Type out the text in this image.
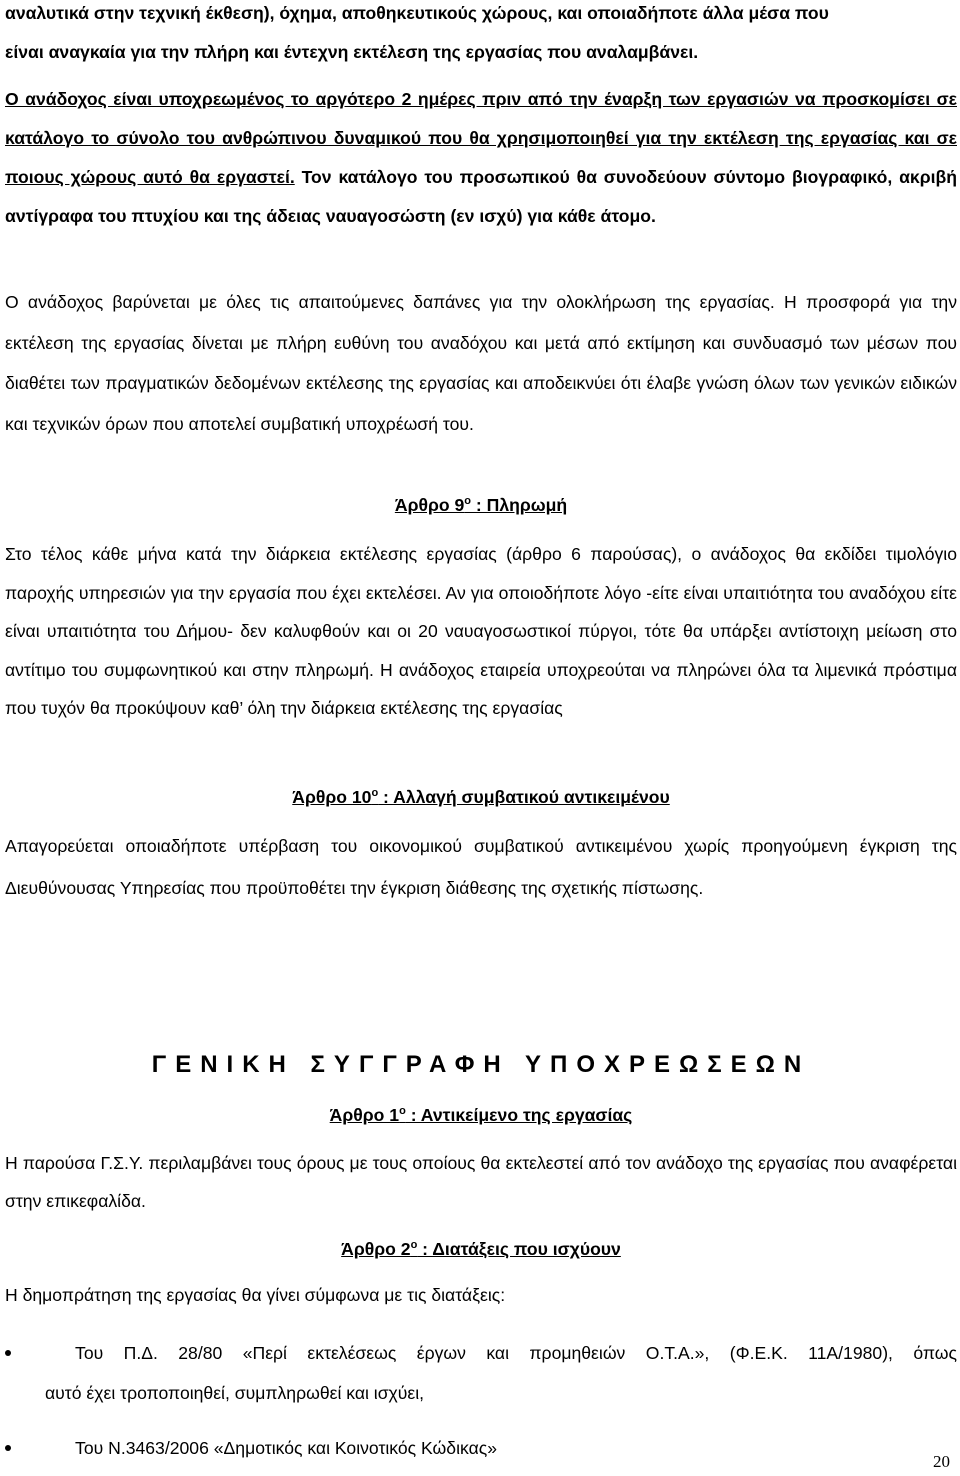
αναλυτικά στην τεχνική έκθεση), όχημα, αποθηκευτικούς χώρους, και οποιαδήποτε άλλα μέσα που

είναι αναγκαία για την πλήρη και έντεχνη εκτέλεση της εργασίας που αναλαμβάνει.

Ο ανάδοχος είναι υποχρεωμένος το αργότερο 2 ημέρες πριν από την έναρξη των εργασιών να προσκομίσει σε κατάλογο το σύνολο του ανθρώπινου δυναμικού που θα χρησιμοποιηθεί για την εκτέλεση της εργασίας και σε ποιους χώρους αυτό θα εργαστεί. Τον κατάλογο του προσωπικού θα συνοδεύουν σύντομο βιογραφικό, ακριβή αντίγραφα του πτυχίου και της άδειας ναυαγοσώστη (εν ισχύ) για κάθε άτομο.

Ο ανάδοχος βαρύνεται με όλες τις απαιτούμενες δαπάνες για την ολοκλήρωση της εργασίας. Η προσφορά για την εκτέλεση της εργασίας δίνεται με πλήρη ευθύνη του αναδόχου και μετά από εκτίμηση και συνδυασμό των μέσων που διαθέτει των πραγματικών δεδομένων εκτέλεσης της εργασίας και αποδεικνύει ότι έλαβε γνώση όλων των γενικών ειδικών και τεχνικών όρων που αποτελεί συμβατική υποχρέωσή του.

Άρθρο $9^o$ : Πληρωμή

Στο τέλος κάθε μήνα κατά την διάρκεια εκτέλεσης εργασίας (άρθρο 6 παρούσας), ο ανάδοχος θα εκδίδει τιμολόγιο παροχής υπηρεσιών για την εργασία που έχει εκτελέσει. Αν για οποιοδήποτε λόγο -είτε είναι υπαιτιότητα του αναδόχου είτε είναι υπαιτιότητα του Δήμου- δεν καλυφθούν και οι 20 ναυαγοσωστικοί πύργοι, τότε θα υπάρξει αντίστοιχη μείωση στο αντίτιμο του συμφωνητικού και στην πληρωμή. Η ανάδοχος εταιρεία υποχρεούται να πληρώνει όλα τα λιμενικά πρόστιμα που τυχόν θα προκύψουν καθ’ όλη την διάρκεια εκτέλεσης της εργασίας

Άρθρο $10^o$ : Αλλαγή συμβατικού αντικειμένου

Απαγορεύεται οποιαδήποτε υπέρβαση του οικονομικού συμβατικού αντικειμένου χωρίς προηγούμενη έγκριση της Διευθύνουσας Υπηρεσίας που προϋποθέτει την έγκριση διάθεσης της σχετικής πίστωσης.

ΓΕΝΙΚΗ ΣΥΓΓΡΑΦΗ ΥΠΟΧΡΕΩΣΕΩΝ

Άρθρο $1^o$ : Αντικείμενο της εργασίας

Η παρούσα Γ.Σ.Υ. περιλαμβάνει τους όρους με τους οποίους θα εκτελεστεί από τον ανάδοχο της εργασίας που αναφέρεται στην επικεφαλίδα.

Άρθρο $2^o$ : Διατάξεις που ισχύουν

Η δημοπράτηση της εργασίας θα γίνει σύμφωνα με τις διατάξεις:

Του Π.Δ. 28/80 «Περί εκτελέσεως έργων και προμηθειών Ο.Τ.Α.», (Φ.Ε.Κ. 11Α/1980), όπως
αυτό έχει τροποποιηθεί, συμπληρωθεί και ισχύει,
Του Ν.3463/2006 «Δημοτικός και Κοινοτικός Κώδικας»
20
